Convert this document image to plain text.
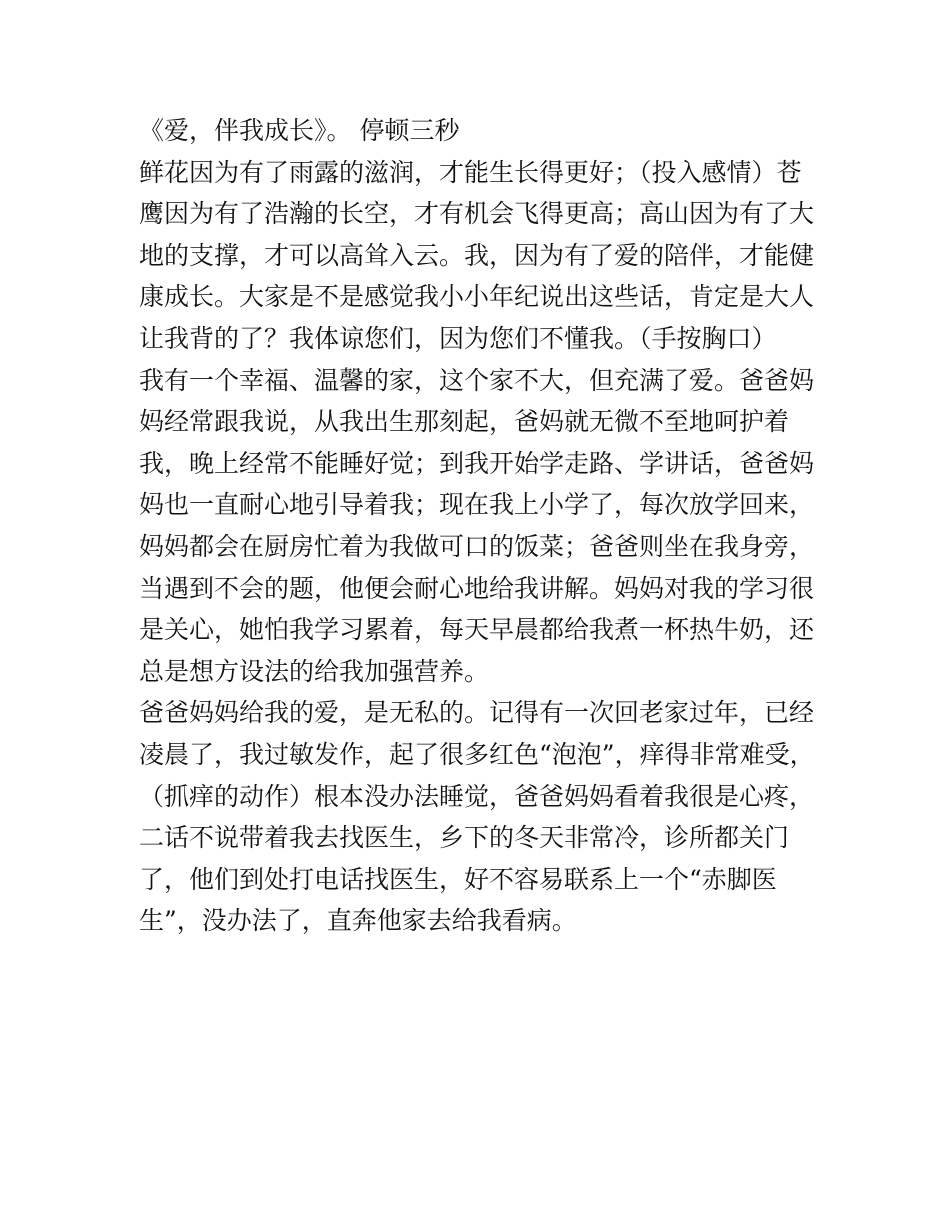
《爱，伴我成长》。 停顿三秒
鲜花因为有了雨露的滋润，才能生长得更好；（投入感情）苍
鹰因为有了浩瀚的长空，才有机会飞得更高；高山因为有了大
地的支撑，才可以高耸入云。我，因为有了爱的陪伴，才能健
康成长。大家是不是感觉我小小年纪说出这些话，肯定是大人
让我背的了？我体谅您们，因为您们不懂我。（手按胸口）
我有一个幸福、温馨的家，这个家不大，但充满了爱。爸爸妈
妈经常跟我说，从我出生那刻起，爸妈就无微不至地呵护着
我，晚上经常不能睡好觉；到我开始学走路、学讲话，爸爸妈
妈也一直耐心地引导着我；现在我上小学了，每次放学回来，
妈妈都会在厨房忙着为我做可口的饭菜；爸爸则坐在我身旁，
当遇到不会的题，他便会耐心地给我讲解。妈妈对我的学习很
是关心，她怕我学习累着，每天早晨都给我煮一杯热牛奶，还
总是想方设法的给我加强营养。
爸爸妈妈给我的爱，是无私的。记得有一次回老家过年，已经
凌晨了，我过敏发作，起了很多红色“泡泡”，痒得非常难受，
（抓痒的动作）根本没办法睡觉，爸爸妈妈看着我很是心疼，
二话不说带着我去找医生，乡下的冬天非常冷，诊所都关门
了，他们到处打电话找医生，好不容易联系上一个“赤脚医
生”，没办法了，直奔他家去给我看病。
